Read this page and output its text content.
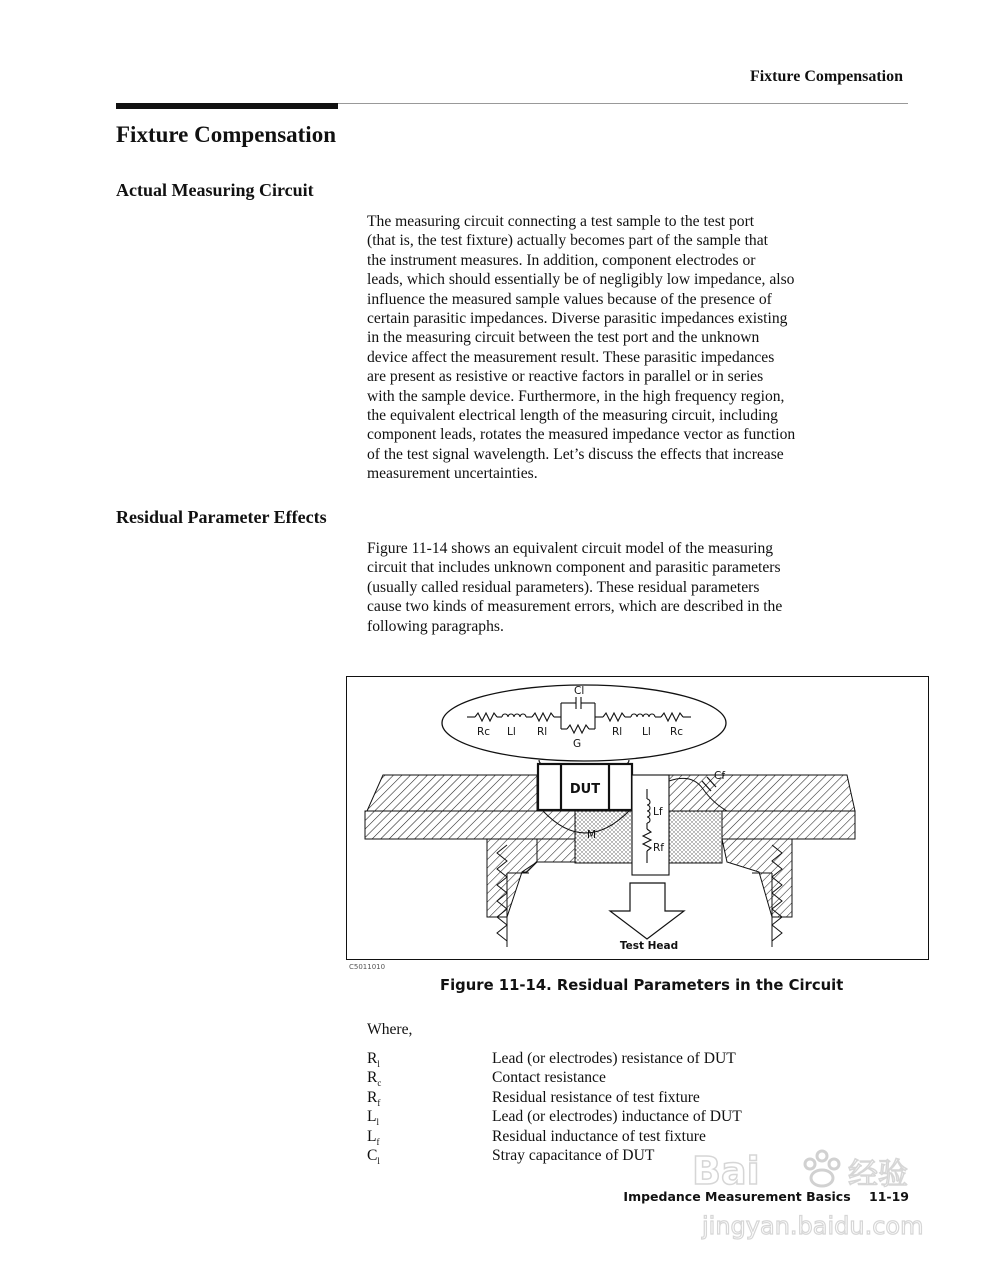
Fixture Compensation
Fixture Compensation
Actual Measuring Circuit
The measuring circuit connecting a test sample to the test port
(that is, the test fixture) actually becomes part of the sample that
the instrument measures. In addition, component electrodes or
leads, which should essentially be of negligibly low impedance, also
influence the measured sample values because of the presence of
certain parasitic impedances. Diverse parasitic impedances existing
in the measuring circuit between the test port and the unknown
device affect the measurement result. These parasitic impedances
are present as resistive or reactive factors in parallel or in series
with the sample device. Furthermore, in the high frequency region,
the equivalent electrical length of the measuring circuit, including
component leads, rotates the measured impedance vector as function
of the test signal wavelength. Let’s discuss the effects that increase
measurement uncertainties.
Residual Parameter Effects
Figure 11-14 shows an equivalent circuit model of the measuring
circuit that includes unknown component and parasitic parameters
(usually called residual parameters). These residual parameters
cause two kinds of measurement errors, which are described in the
following paragraphs.
Cl
Rc Ll Rl
G
Rl Ll Rc
DUT
Lf
Rf
M
Cf
Test Head
C5011010
Figure 11-14. Residual Parameters in the Circuit
Where,
$R_l$	Lead (or electrodes) resistance of DUT
$R_c$	Contact resistance
$R_f$	Residual resistance of test fixture
$L_l$	Lead (or electrodes) inductance of DUT
$L_f$	Residual inductance of test fixture
$C_l$	Stray capacitance of DUT Bai	经验
jingyan.baidu.com
Impedance Measurement Basics 11-19
